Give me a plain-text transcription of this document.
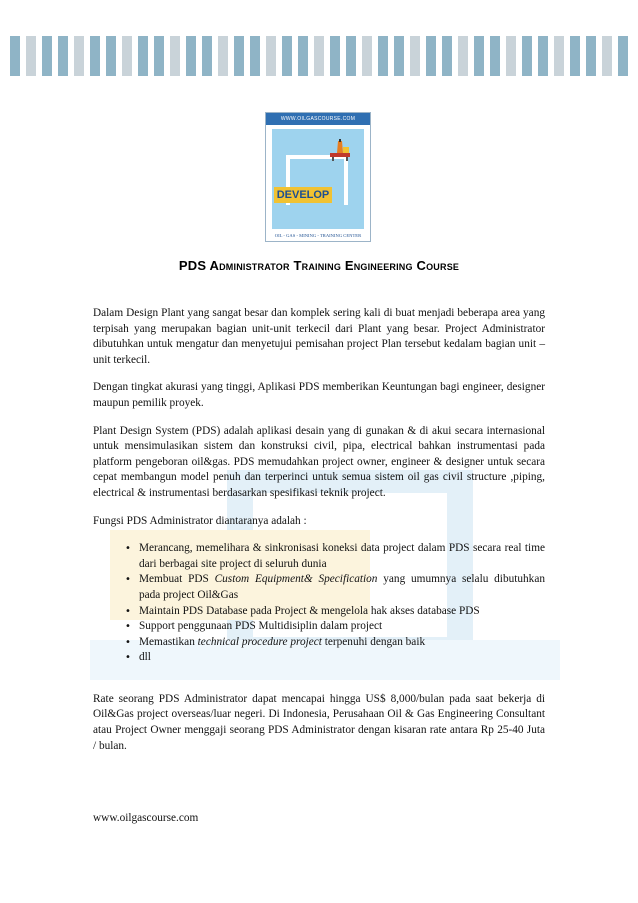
WWW.OILGASCOURSE.COM
DEVELOP
OIL - GAS - MINING - TRAINING CENTER
PDS Administrator Training Engineering Course

Dalam Design Plant yang sangat besar dan komplek sering kali di buat menjadi beberapa area yang terpisah yang merupakan bagian unit-unit terkecil dari Plant yang besar. Project Administrator dibutuhkan untuk mengatur dan menyetujui pemisahan project Plan tersebut kedalam bagian unit –unit terkecil.

Dengan tingkat akurasi yang tinggi, Aplikasi PDS memberikan Keuntungan bagi engineer, designer maupun pemilik proyek.

Plant Design System (PDS) adalah aplikasi desain yang di gunakan & di akui secara internasional untuk mensimulasikan sistem dan konstruksi civil, pipa, electrical bahkan instrumentasi pada platform pengeboran oil&gas. PDS memudahkan project owner, engineer & designer untuk secara cepat membangun model penuh dan terperinci untuk semua sistem oil gas civil structure ,piping, electrical & instrumentasi berdasarkan spesifikasi teknik project.

Fungsi PDS Administrator diantaranya adalah :

• Merancang, memelihara & sinkronisasi koneksi data project dalam PDS secara real time dari berbagai site project di seluruh dunia
• Membuat PDS Custom Equipment& Specification yang umumnya selalu dibutuhkan pada project Oil&Gas
• Maintain PDS Database pada Project & mengelola hak akses database PDS
• Support penggunaan PDS Multidisiplin dalam project
• Memastikan technical procedure project terpenuhi dengan baik
• dll

Rate seorang PDS Administrator dapat mencapai hingga US$ 8,000/bulan pada saat bekerja di Oil&Gas project overseas/luar negeri. Di Indonesia, Perusahaan Oil & Gas Engineering Consultant atau Project Owner menggaji seorang PDS Administrator dengan kisaran rate antara Rp 25-40 Juta / bulan.

www.oilgascourse.com
